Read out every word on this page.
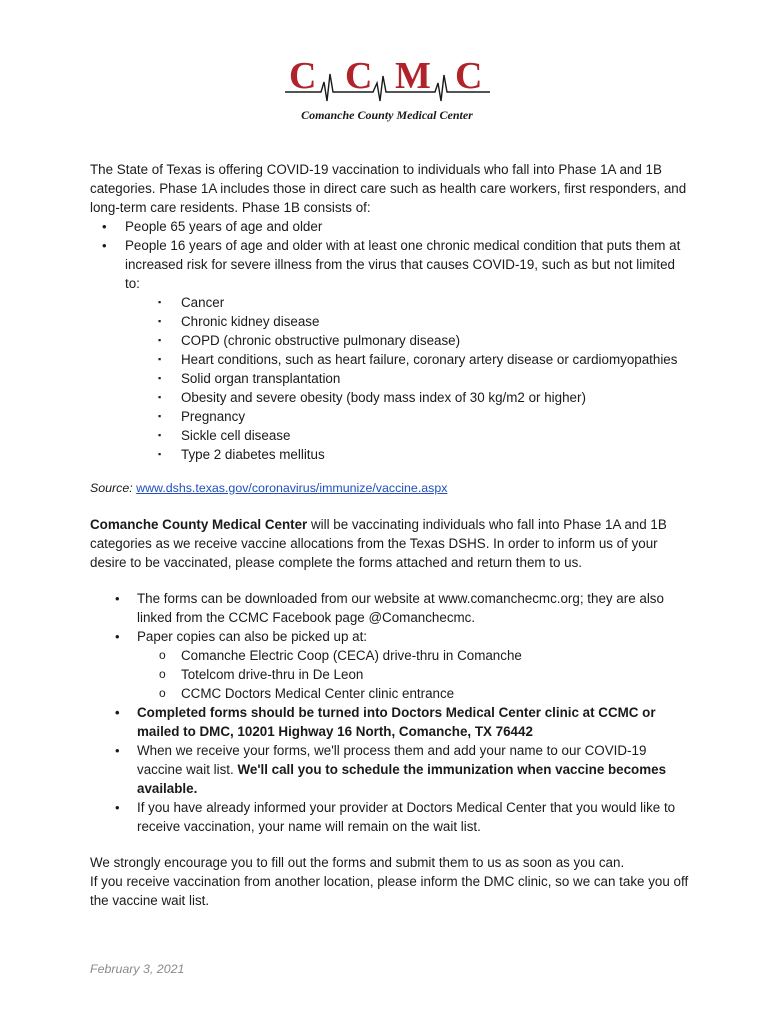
C C M C
Comanche County Medical Center

The State of Texas is offering COVID-19 vaccination to individuals who fall into Phase 1A and 1B categories. Phase 1A includes those in direct care such as health care workers, first responders, and long-term care residents. Phase 1B consists of:

• People 65 years of age and older
• People 16 years of age and older with at least one chronic medical condition that puts them at increased risk for severe illness from the virus that causes COVID-19, such as but not limited to:
▪ Cancer
▪ Chronic kidney disease
▪ COPD (chronic obstructive pulmonary disease)
▪ Heart conditions, such as heart failure, coronary artery disease or cardiomyopathies
▪ Solid organ transplantation
▪ Obesity and severe obesity (body mass index of 30 kg/m2 or higher)
▪ Pregnancy
▪ Sickle cell disease
▪ Type 2 diabetes mellitus

Source: www.dshs.texas.gov/coronavirus/immunize/vaccine.aspx

Comanche County Medical Center will be vaccinating individuals who fall into Phase 1A and 1B categories as we receive vaccine allocations from the Texas DSHS. In order to inform us of your desire to be vaccinated, please complete the forms attached and return them to us.

• The forms can be downloaded from our website at www.comanchecmc.org; they are also linked from the CCMC Facebook page @Comanchecmc.
• Paper copies can also be picked up at:
o Comanche Electric Coop (CECA) drive-thru in Comanche
o Totelcom drive-thru in De Leon
o CCMC Doctors Medical Center clinic entrance
• Completed forms should be turned into Doctors Medical Center clinic at CCMC or mailed to DMC, 10201 Highway 16 North, Comanche, TX 76442
• When we receive your forms, we'll process them and add your name to our COVID-19 vaccine wait list. We'll call you to schedule the immunization when vaccine becomes available.
• If you have already informed your provider at Doctors Medical Center that you would like to receive vaccination, your name will remain on the wait list.

We strongly encourage you to fill out the forms and submit them to us as soon as you can.

If you receive vaccination from another location, please inform the DMC clinic, so we can take you off the vaccine wait list.

February 3, 2021
